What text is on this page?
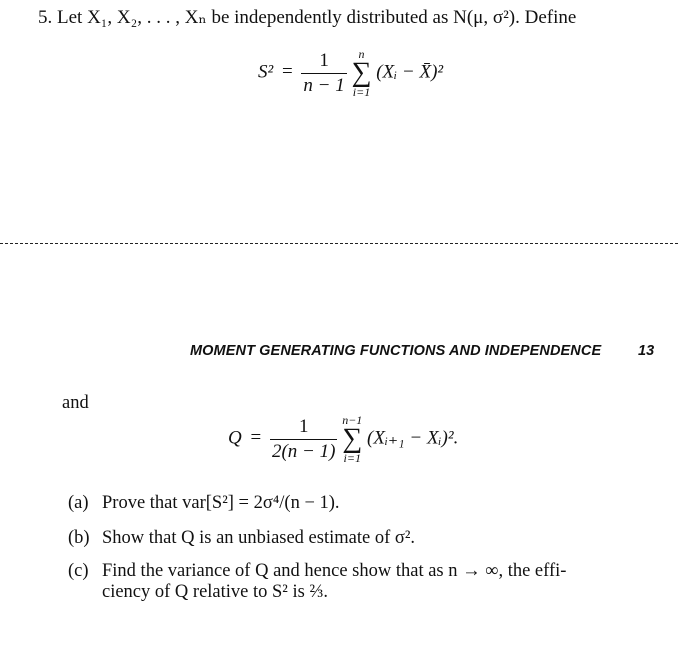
5. Let X₁, X₂, . . . , Xₙ be independently distributed as N(μ, σ²). Define
$S^2 = \frac{1}{n - 1}$
n
∑
i=1
(Xᵢ − X̄)²
MOMENT GENERATING FUNCTIONS AND INDEPENDENCE	13
and
$Q = \frac{1}{2(n - 1)}$
n−1
∑
i=1
(Xᵢ₊₁ − Xᵢ)².
(a) Prove that var[S²] = 2σ⁴/(n − 1).
(b) Show that Q is an unbiased estimate of σ².
(c) Find the variance of Q and hence show that as n → ∞, the effi-
ciency of Q relative to S² is ⅔.
